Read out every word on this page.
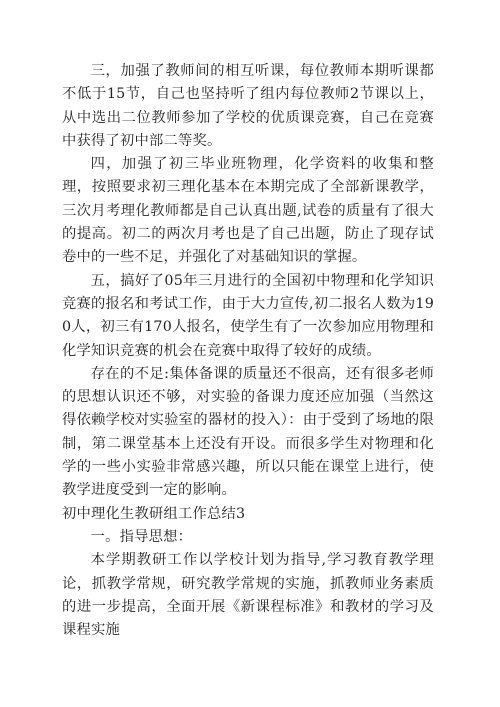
三，加强了教师间的相互听课，每位教师本期听课都不低于15节，自己也坚持听了组内每位教师2节课以上，从中选出二位教师参加了学校的优质课竞赛，自己在竞赛中获得了初中部二等奖。

四，加强了初三毕业班物理，化学资料的收集和整理，按照要求初三理化基本在本期完成了全部新课教学，三次月考理化教师都是自己认真出题,试卷的质量有了很大的提高。初二的两次月考也是了自己出题，防止了现存试卷中的一些不足，并强化了对基础知识的掌握。

五，搞好了05年三月进行的全国初中物理和化学知识竞赛的报名和考试工作，由于大力宣传,初二报名人数为190人，初三有170人报名，使学生有了一次参加应用物理和化学知识竞赛的机会在竞赛中取得了较好的成绩。

存在的不足:集体备课的质量还不很高，还有很多老师的思想认识还不够，对实验的备课力度还应加强（当然这得依赖学校对实验室的器材的投入）：由于受到了场地的限制，第二课堂基本上还没有开设。而很多学生对物理和化学的一些小实验非常感兴趣，所以只能在课堂上进行，使教学进度受到一定的影响。

初中理化生教研组工作总结3

一。指导思想：

本学期教研工作以学校计划为指导,学习教育教学理论，抓教学常规，研究教学常规的实施，抓教师业务素质的进一步提高，全面开展《新课程标准》和教材的学习及课程实施
